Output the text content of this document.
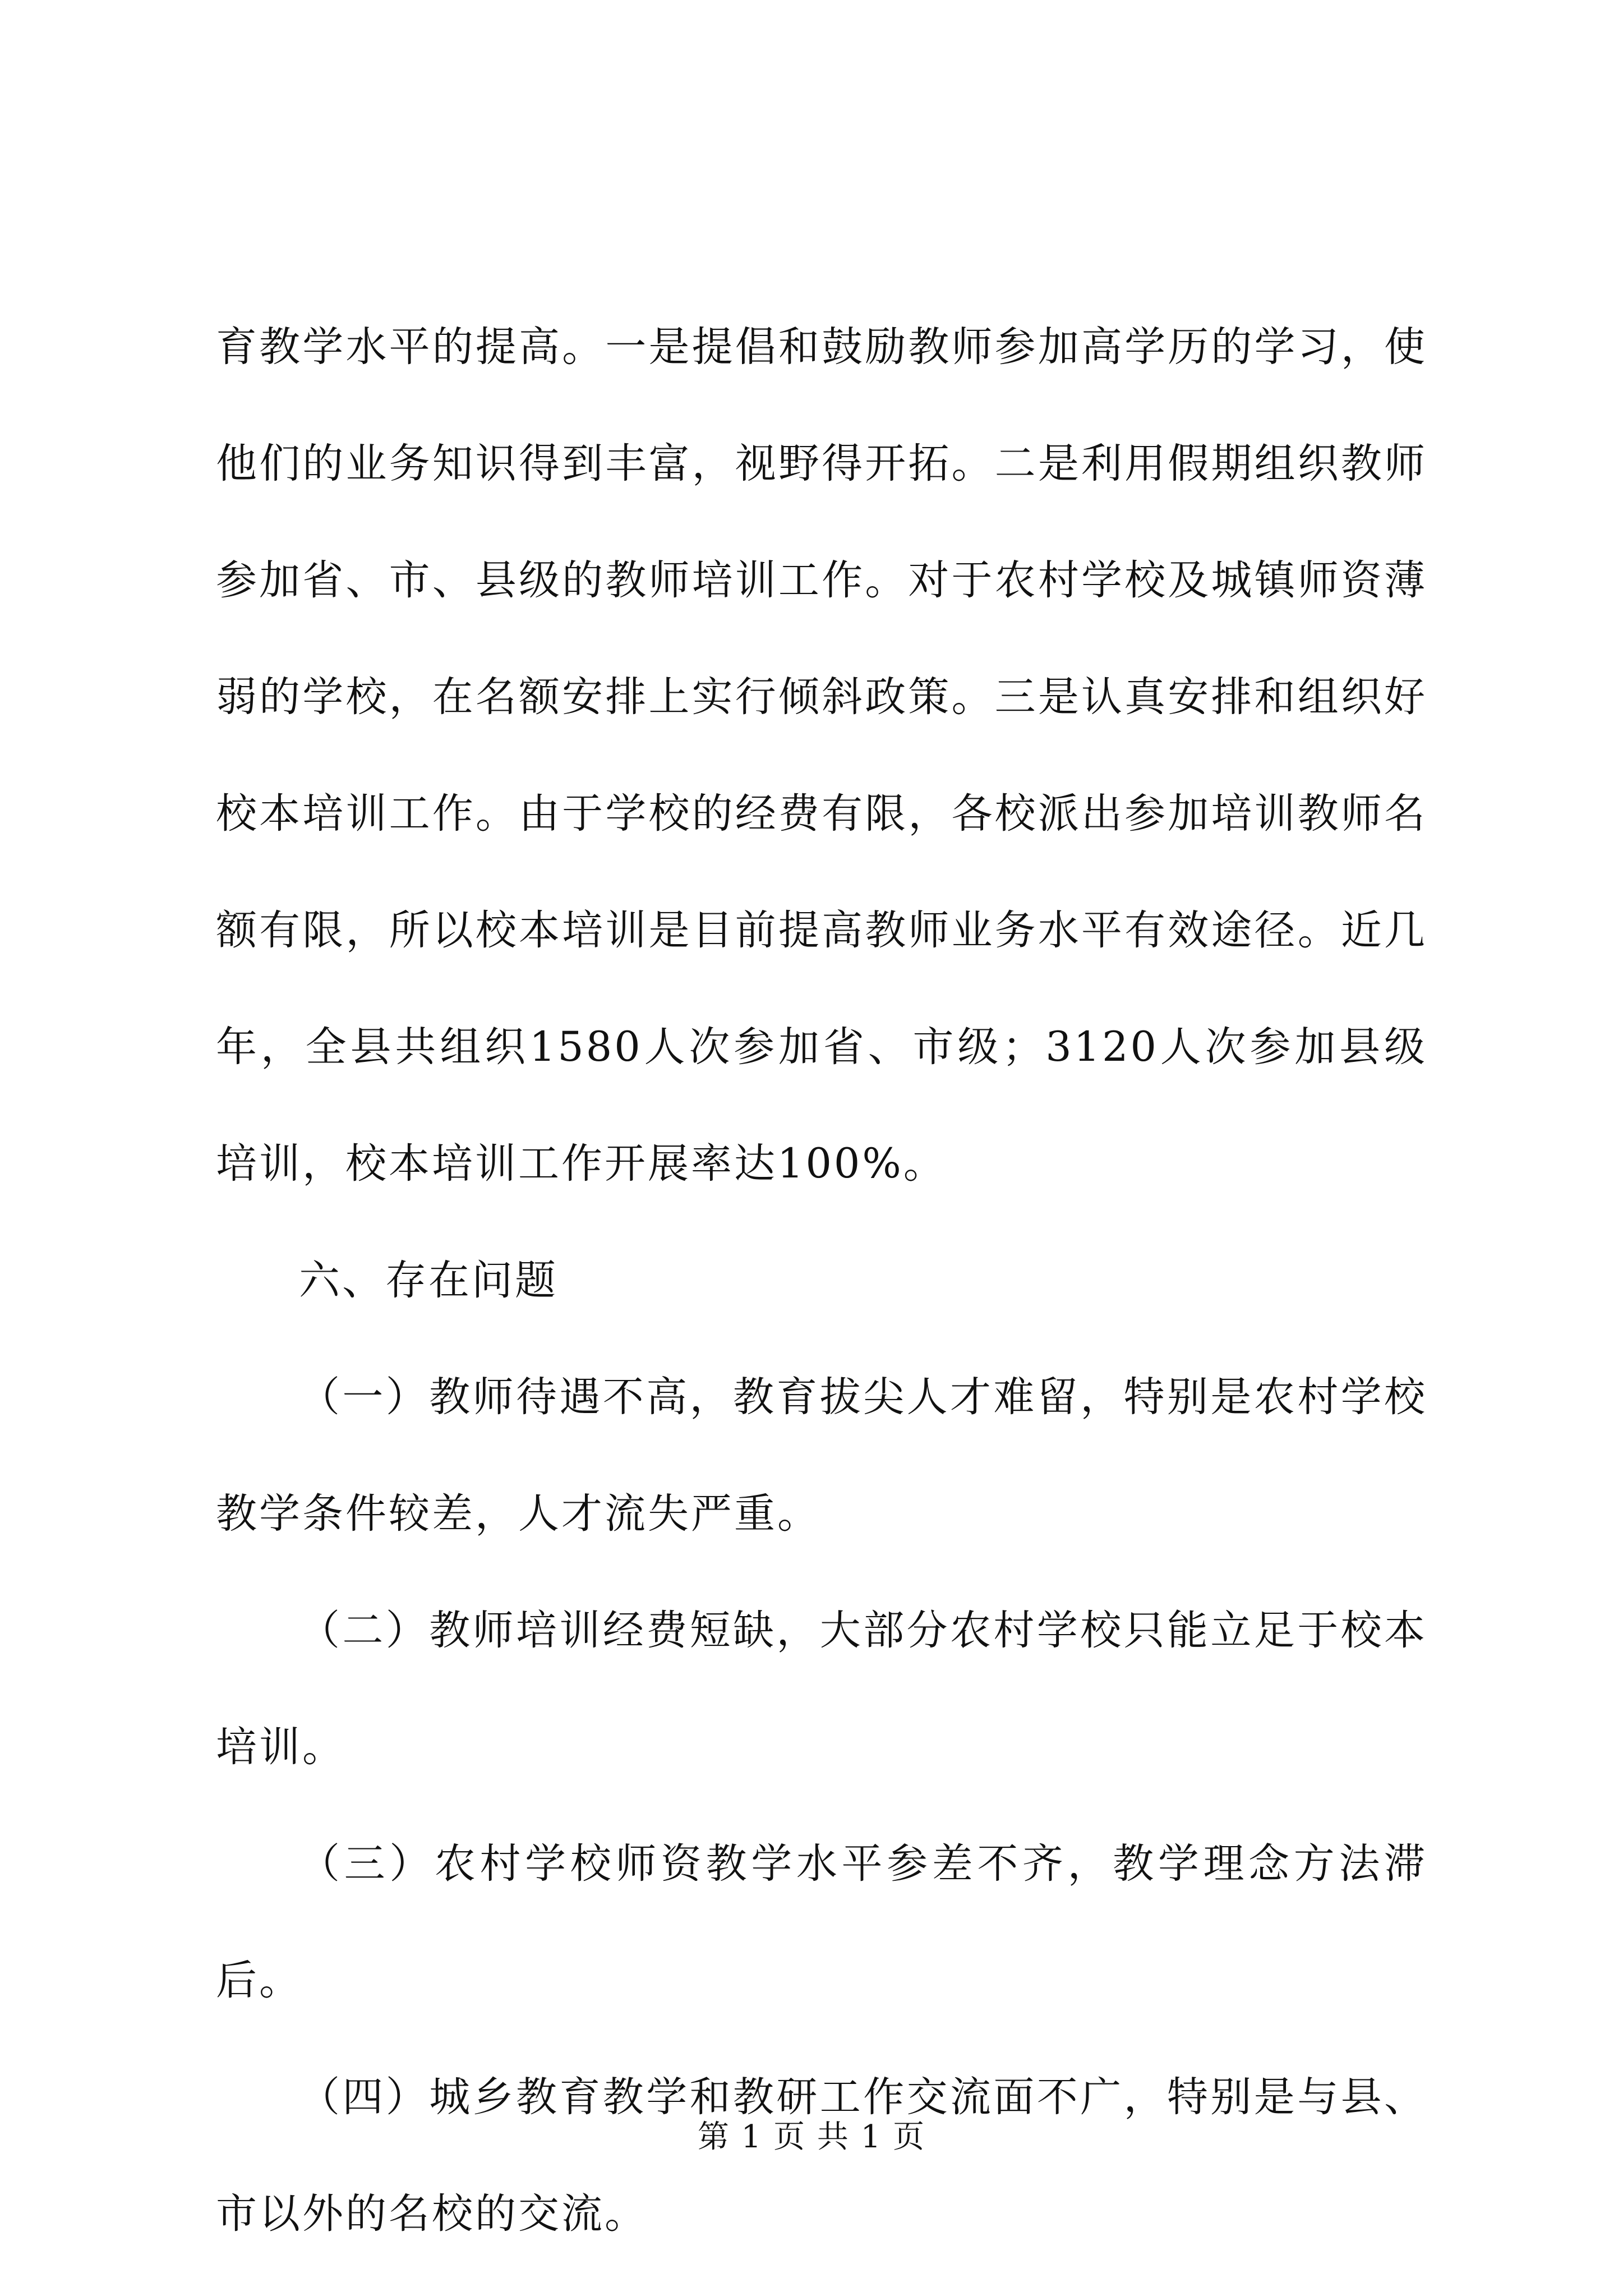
育教学水平的提高。一是提倡和鼓励教师参加高学历的学习，使他们的业务知识得到丰富，视野得开拓。二是利用假期组织教师参加省、市、县级的教师培训工作。对于农村学校及城镇师资薄弱的学校，在名额安排上实行倾斜政策。三是认真安排和组织好校本培训工作。由于学校的经费有限，各校派出参加培训教师名额有限，所以校本培训是目前提高教师业务水平有效途径。近几年，全县共组织1580人次参加省、市级；3120人次参加县级培训，校本培训工作开展率达100%。

六、存在问题

（一）教师待遇不高，教育拔尖人才难留，特别是农村学校教学条件较差，人才流失严重。

（二）教师培训经费短缺，大部分农村学校只能立足于校本培训。

（三）农村学校师资教学水平参差不齐，教学理念方法滞后。

（四）城乡教育教学和教研工作交流面不广，特别是与县、市以外的名校的交流。

第 1 页 共 1 页
